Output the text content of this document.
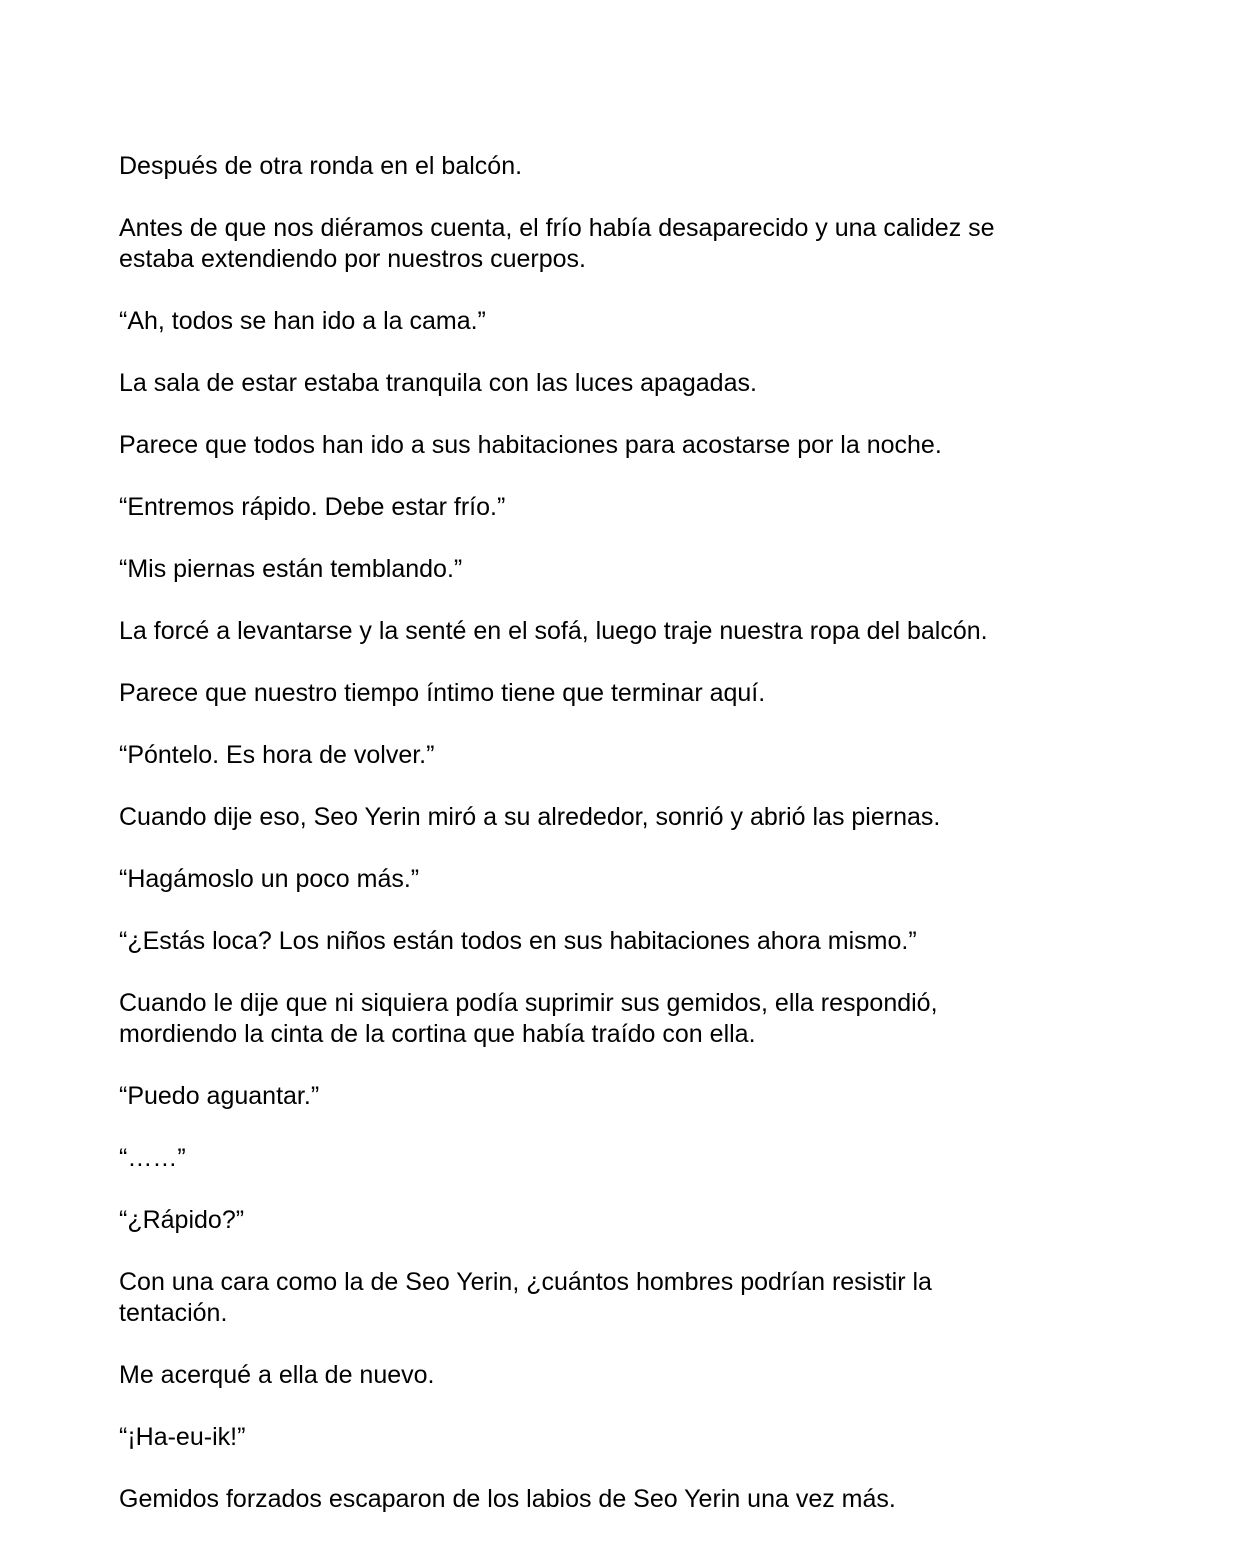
Después de otra ronda en el balcón.

Antes de que nos diéramos cuenta, el frío había desaparecido y una calidez se
estaba extendiendo por nuestros cuerpos.

“Ah, todos se han ido a la cama.”

La sala de estar estaba tranquila con las luces apagadas.

Parece que todos han ido a sus habitaciones para acostarse por la noche.

“Entremos rápido. Debe estar frío.”

“Mis piernas están temblando.”

La forcé a levantarse y la senté en el sofá, luego traje nuestra ropa del balcón.

Parece que nuestro tiempo íntimo tiene que terminar aquí.

“Póntelo. Es hora de volver.”

Cuando dije eso, Seo Yerin miró a su alrededor, sonrió y abrió las piernas.

“Hagámoslo un poco más.”

“¿Estás loca? Los niños están todos en sus habitaciones ahora mismo.”

Cuando le dije que ni siquiera podía suprimir sus gemidos, ella respondió,
mordiendo la cinta de la cortina que había traído con ella.

“Puedo aguantar.”

“……”

“¿Rápido?”

Con una cara como la de Seo Yerin, ¿cuántos hombres podrían resistir la
tentación.

Me acerqué a ella de nuevo.

“¡Ha-eu-ik!”

Gemidos forzados escaparon de los labios de Seo Yerin una vez más.
